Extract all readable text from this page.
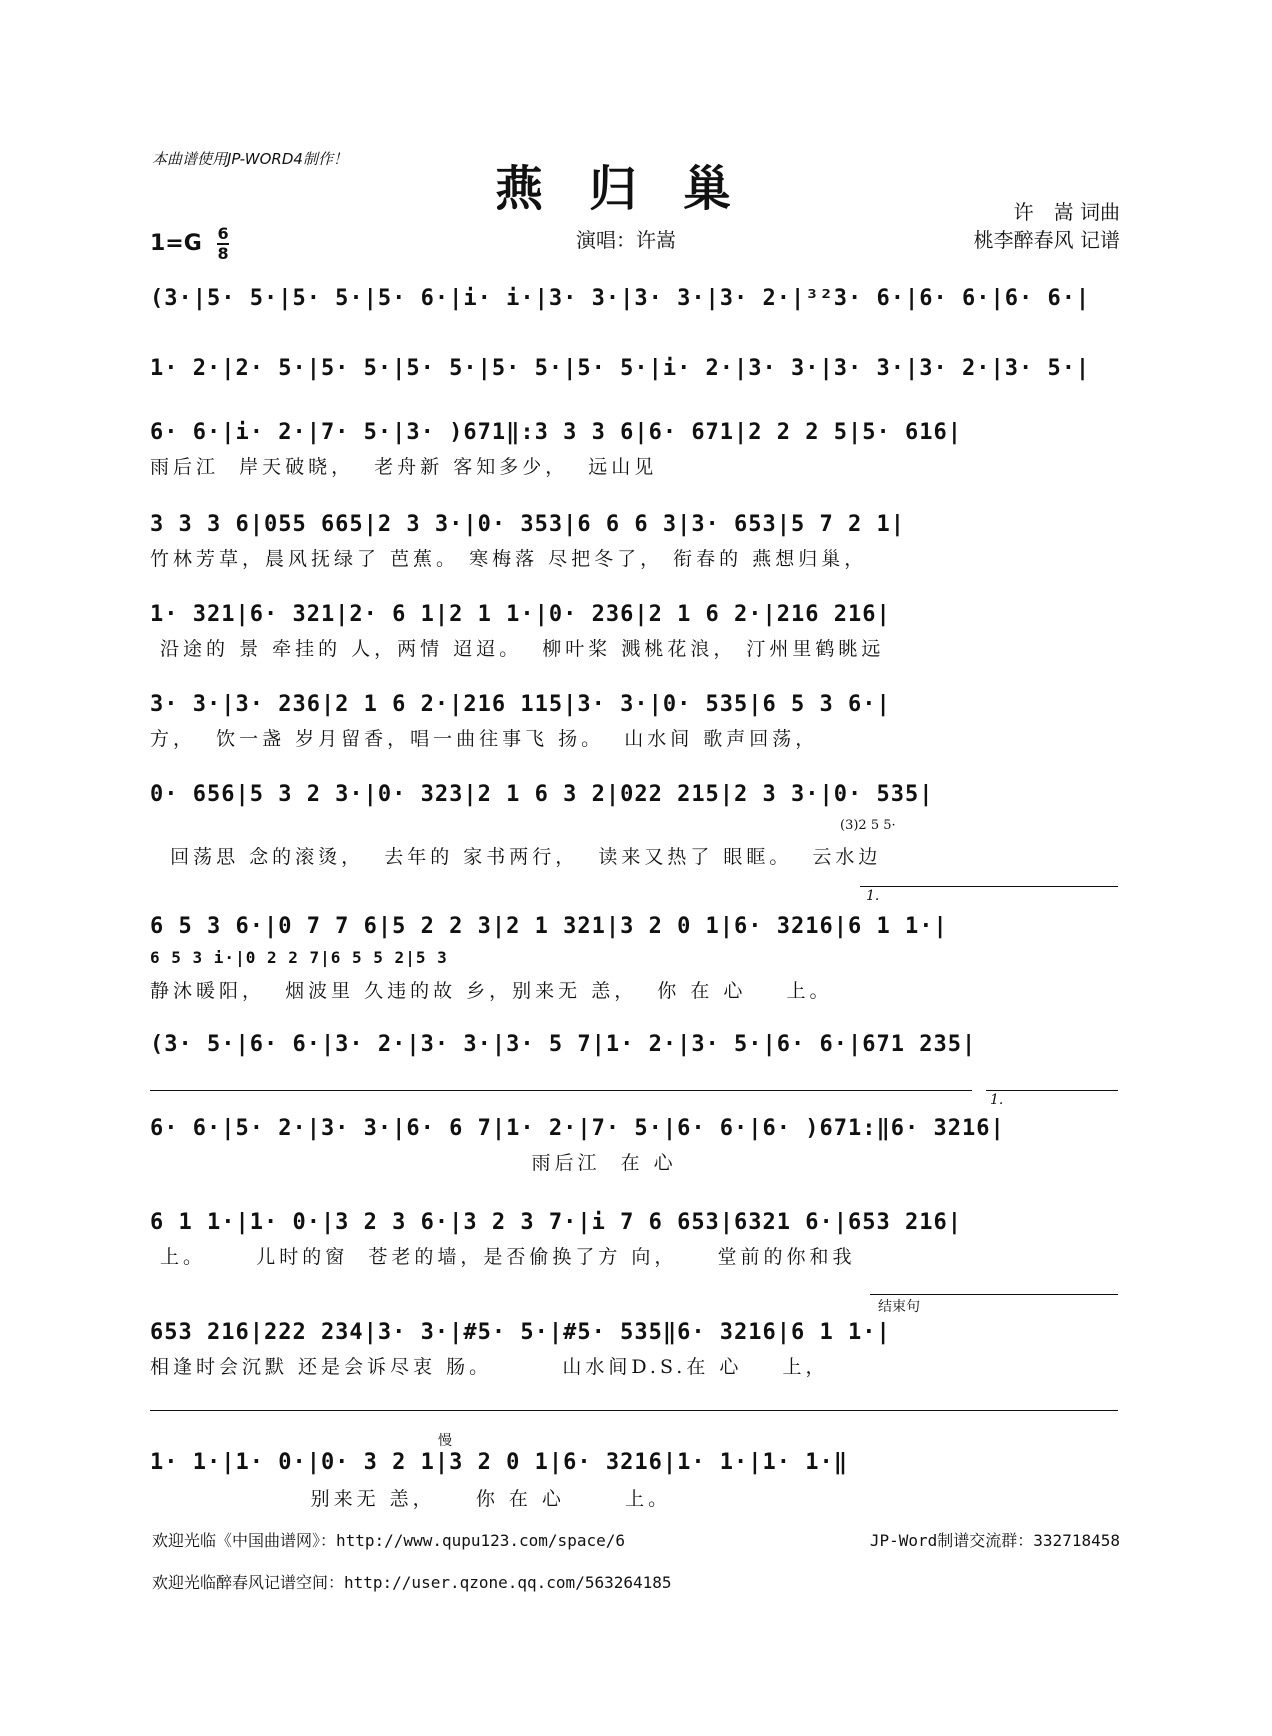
本曲谱使用JP-WORD4制作！
燕归巢
$1=G \frac{6}{8}$	演唱：许嵩
许　嵩 词曲
桃李醉春风 记谱
(3·|5· 5·|5· 5·|5· 6·|i· i·|3· 3·|3· 3·|3· 2·|³²3· 6·|6· 6·|6· 6·|
1· 2·|2· 5·|5· 5·|5· 5·|5· 5·|5· 5·|i· 2·|3· 3·|3· 3·|3· 2·|3· 5·|
6· 6·|i· 2·|7· 5·|3· )671‖:3 3 3 6|6· 671|2 2 2 5|5· 616|
雨后江  岸天破晓，  老舟新 客知多少，  远山见
3 3 3 6|055 665|2 3 3·|0· 353|6 6 6 3|3· 653|5 7 2 1|
竹林芳草，晨风抚绿了 芭蕉。 寒梅落 尽把冬了， 衔春的 燕想归巢，
1· 321|6· 321|2· 6 1|2 1 1·|0· 236|2 1 6 2·|216 216|
沿途的 景 牵挂的 人，两情 迢迢。  柳叶桨 溅桃花浪， 汀州里鹤眺远
3· 3·|3· 236|2 1 6 2·|216 115|3· 3·|0· 535|6 5 3 6·|
方，  饮一盏 岁月留香，唱一曲往事飞 扬。  山水间 歌声回荡，
0· 656|5 3 2 3·|0· 323|2 1 6 3 2|022 215|2 3 3·|0· 535|
(3)2 5 5·
回荡思 念的滚烫，  去年的 家书两行，  读来又热了 眼眶。  云水边
1.
6 5 3 6·|0 7 7 6|5 2 2 3|2 1 321|3 2 0 1|6· 3216|6 1 1·|
6 5 3 i·|0 2 2 7|6 5 5 2|5 3
静沐暖阳，  烟波里 久违的故 乡，别来无 恙，  你 在 心    上。
(3· 5·|6· 6·|3· 2·|3· 3·|3· 5 7|1· 2·|3· 5·|6· 6·|671 235|
1.
6· 6·|5· 2·|3· 3·|6· 6 7|1· 2·|7· 5·|6· 6·|6· )671:‖6· 3216|
雨后江  在 心
6 1 1·|1· 0·|3 2 3 6·|3 2 3 7·|i 7 6 653|6321 6·|653 216|
上。     儿时的窗  苍老的墙，是否偷换了方 向，    堂前的你和我
结束句
653 216|222 234|3· 3·|#5· 5·|#5· 535‖6· 3216|6 1 1·|
相逢时会沉默 还是会诉尽衷 肠。       山水间D.S.在 心    上，
慢
1· 1·|1· 0·|0· 3 2 1|3 2 0 1|6· 3216|1· 1·|1· 1·‖
别来无 恙，    你 在 心      上。
欢迎光临《中国曲谱网》：http://www.qupu123.com/space/6	JP-Word制谱交流群：332718458
欢迎光临醉春风记谱空间：http://user.qzone.qq.com/563264185
